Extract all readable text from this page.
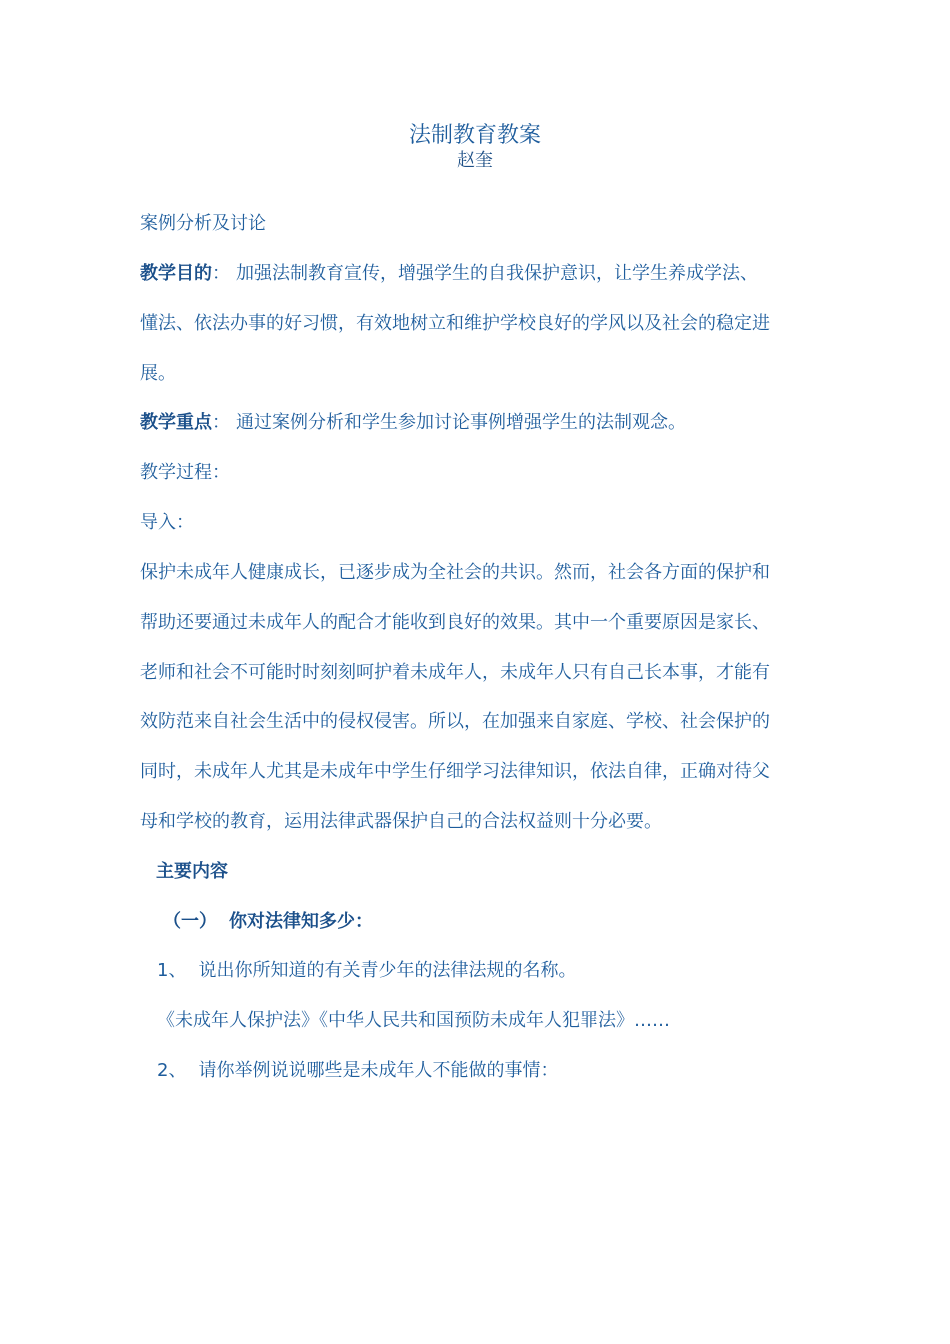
法制教育教案
赵奎
案例分析及讨论
教学目的： 加强法制教育宣传，增强学生的自我保护意识，让学生养成学法、
懂法、依法办事的好习惯，有效地树立和维护学校良好的学风以及社会的稳定进
展。
教学重点： 通过案例分析和学生参加讨论事例增强学生的法制观念。
教学过程：
导入：
保护未成年人健康成长，已逐步成为全社会的共识。然而，社会各方面的保护和
帮助还要通过未成年人的配合才能收到良好的效果。其中一个重要原因是家长、
老师和社会不可能时时刻刻呵护着未成年人，未成年人只有自己长本事，才能有
效防范来自社会生活中的侵权侵害。所以，在加强来自家庭、学校、社会保护的
同时，未成年人尤其是未成年中学生仔细学习法律知识，依法自律，正确对待父
母和学校的教育，运用法律武器保护自己的合法权益则十分必要。
主要内容
（一） 你对法律知多少：
1、 说出你所知道的有关青少年的法律法规的名称。
《未成年人保护法》《中华人民共和国预防未成年人犯罪法》……
2、 请你举例说说哪些是未成年人不能做的事情：
